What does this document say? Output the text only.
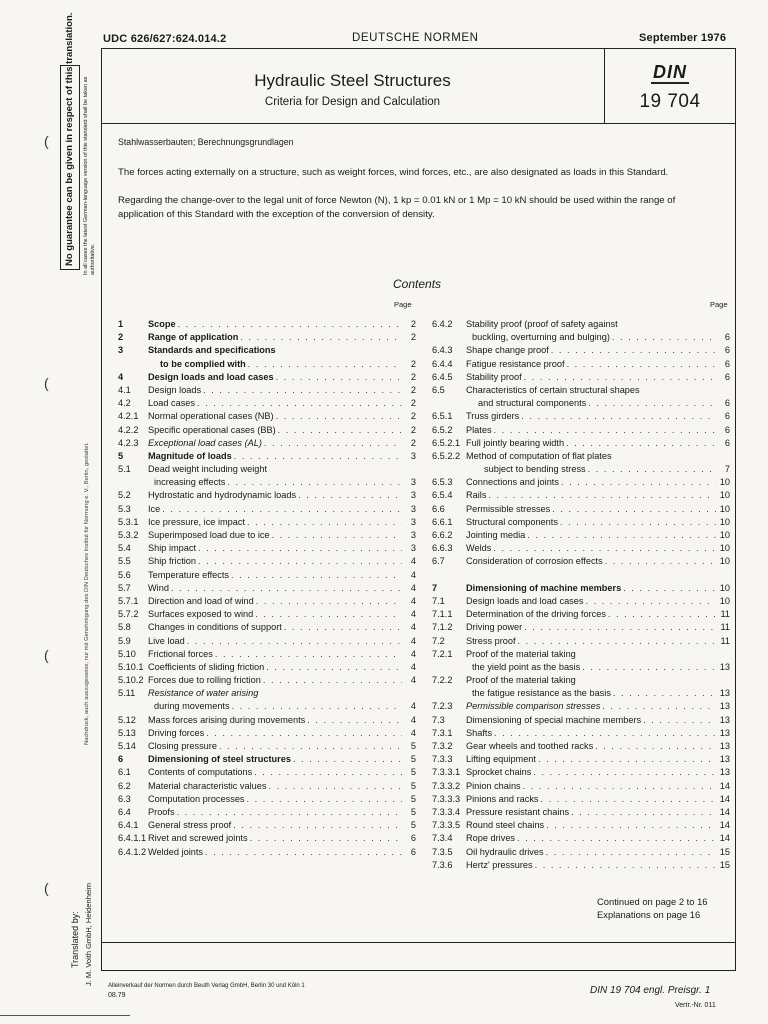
UDC 626/627:624.014.2	DEUTSCHE NORMEN	September 1976
Hydraulic Steel Structures
Criteria for Design and Calculation
DIN
19 704
Stahlwasserbauten; Berechnungsgrundlagen
The forces acting externally on a structure, such as weight forces, wind forces, etc., are also designated as loads in this Standard.
Regarding the change-over to the legal unit of force Newton (N), 1 kp = 0.01 kN or 1 Mp = 10 kN should be used within the range of application of this Standard with the exception of the conversion of density.
Contents
Page	Page
1	Scope . . .	2
2	Range of application . . .	2
3	Standards and specifications
to be complied with . . .	2
4	Design loads and load cases . . .	2
4.1	Design loads . . .	2
4.2	Load cases . . .	2
4.2.1	Normal operational cases (NB) . . .	2
4.2.2	Specific operational cases (BB) . . .	2
4.2.3	Exceptional load cases (AL) . . .	2
5	Magnitude of loads . . .	3
5.1	Dead weight including weight
increasing effects . . .	3
5.2	Hydrostatic and hydrodynamic loads . . .	3
5.3	Ice . . .	3
5.3.1	Ice pressure, ice impact . . .	3
5.3.2	Superimposed load due to ice . . .	3
5.4	Ship impact . . .	3
5.5	Ship friction . . .	4
5.6	Temperature effects . . .	4
5.7	Wind . . .	4
5.7.1	Direction and load of wind . . .	4
5.7.2	Surfaces exposed to wind . . .	4
5.8	Changes in conditions of support . . .	4
5.9	Live load . . .	4
5.10	Frictional forces . . .	4
5.10.1 Coefficients of sliding friction . . .	4
5.10.2 Forces due to rolling friction . . .	4
5.11	Resistance of water arising
during movements . . .	4
5.12	Mass forces arising during movements . . .	4
5.13	Driving forces . . .	4
5.14	Closing pressure . . .	5
6	Dimensioning of steel structures . . .	5
6.1	Contents of computations . . .	5
6.2	Material characteristic values . . .	5
6.3	Computation processes . . .	5
6.4	Proofs . . .	5
6.4.1	General stress proof . . .	5
6.4.1.1 Rivet and screwed joints . . .	6
6.4.1.2 Welded joints . . .	6
6.4.2	Stability proof (proof of safety against
buckling, overturning and bulging) . . .	6
6.4.3	Shape change proof . . .	6
6.4.4	Fatigue resistance proof . . .	6
6.4.5	Stability proof . . .	6
6.5	Characteristics of certain structural shapes
and structural components . . .	6
6.5.1	Truss girders . . .	6
6.5.2	Plates . . .	6
6.5.2.1 Full jointly bearing width . . .	6
6.5.2.2 Method of computation of flat plates
subject to bending stress . . .	7
6.5.3	Connections and joints . . .	10
6.5.4	Rails . . .	10
6.6	Permissible stresses . . .	10
6.6.1	Structural components . . .	10
6.6.2	Jointing media . . .	10
6.6.3	Welds . . .	10
6.7	Consideration of corrosion effects . . .	10
7	Dimensioning of machine members . . .	10
7.1	Design loads and load cases . . .	10
7.1.1	Determination of the driving forces . . .	11
7.1.2	Driving power . . .	11
7.2	Stress proof . . .	11
7.2.1	Proof of the material taking
the yield point as the basis . . .	13
7.2.2	Proof of the material taking
the fatigue resistance as the basis . . .	13
7.2.3	Permissible comparison stresses . . .	13
7.3	Dimensioning of special machine members . . .	13
7.3.1	Shafts . . .	13
7.3.2	Gear wheels and toothed racks . . .	13
7.3.3	Lifting equipment . . .	13
7.3.3.1 Sprocket chains . . .	13
7.3.3.2 Pinion chains . . .	14
7.3.3.3 Pinions and racks . . .	14
7.3.3.4 Pressure resistant chains . . .	14
7.3.3.5 Round steel chains . . .	14
7.3.4	Rope drives . . .	14
7.3.5	Oil hydraulic drives . . .	15
7.3.6	Hertz' pressures . . .	15
Continued on page 2 to 16
Explanations on page 16
No guarantee can be given in respect of this translation. In all cases the latest German-language version of this standard shall be taken as authoritative.
Nachdruck, auch auszugsweise, nur mit Genehmigung des DIN Deutsches Institut für Normung e. V., Berlin, gestattet.
Translated by: J. M. Voith GmbH, Heidenheim
(
(
(
(
Alleinverkauf der Normen durch Beuth Verlag GmbH, Berlin 30 und Köln 1
08.79	DIN 19 704 engl. Preisgr. 1
Vertr.-Nr. 011
